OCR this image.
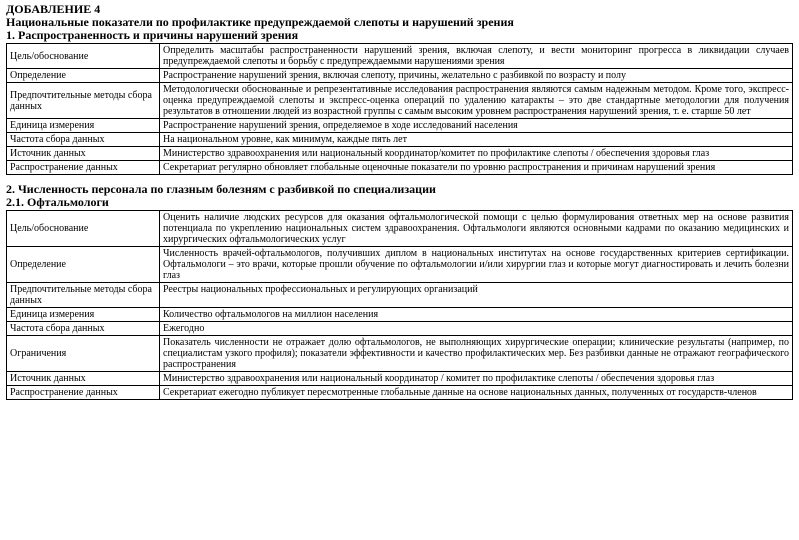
ДОБАВЛЕНИЕ 4

Национальные показатели по профилактике предупреждаемой слепоты и нарушений зрения

1. Распространенность и причины нарушений зрения

Цель/обоснование	Определить масштабы распространенности нарушений зрения, включая слепоту, и вести мониторинг прогресса в ликвидации случаев предупреждаемой слепоты и борьбу с предупреждаемыми нарушениями зрения
Определение	Распространение нарушений зрения, включая слепоту, причины, желательно с разбивкой по возрасту и полу
Предпочтительные методы сбора данных	Методологически обоснованные и репрезентативные исследования распространения являются самым надежным методом. Кроме того, экспресс-оценка предупреждаемой слепоты и экспресс-оценка операций по удалению катаракты – это две стандартные методологии для получения результатов в отношении людей из возрастной группы с самым высоким уровнем распространения нарушений зрения, т. е. старше 50 лет
Единица измерения	Распространение нарушений зрения, определяемое в ходе исследований населения
Частота сбора данных	На национальном уровне, как минимум, каждые пять лет
Источник данных	Министерство здравоохранения или национальный координатор/комитет по профилактике слепоты / обеспечения здоровья глаз
Распространение данных	Секретариат регулярно обновляет глобальные оценочные показатели по уровню распространения и причинам нарушений зрения

2. Численность персонала по глазным болезням с разбивкой по специализации

2.1. Офтальмологи

Цель/обоснование	Оценить наличие людских ресурсов для оказания офтальмологической помощи с целью формулирования ответных мер на основе развития потенциала по укреплению национальных систем здравоохранения. Офтальмологи являются основными кадрами по оказанию медицинских и хирургических офтальмологических услуг
Определение	Численность врачей-офтальмологов, получивших диплом в национальных институтах на основе государственных критериев сертификации. Офтальмологи – это врачи, которые прошли обучение по офтальмологии и/или хирургии глаз и которые могут диагностировать и лечить болезни глаз
Предпочтительные методы сбора данных	Реестры национальных профессиональных и регулирующих организаций
Единица измерения	Количество офтальмологов на миллион населения
Частота сбора данных	Ежегодно
Ограничения	Показатель численности не отражает долю офтальмологов, не выполняющих хирургические операции; клинические результаты (например, по специалистам узкого профиля); показатели эффективности и качество профилактических мер. Без разбивки данные не отражают географического распространения
Источник данных	Министерство здравоохранения или национальный координатор / комитет по профилактике слепоты / обеспечения здоровья глаз
Распространение данных	Секретариат ежегодно публикует пересмотренные глобальные данные на основе национальных данных, полученных от государств-членов
